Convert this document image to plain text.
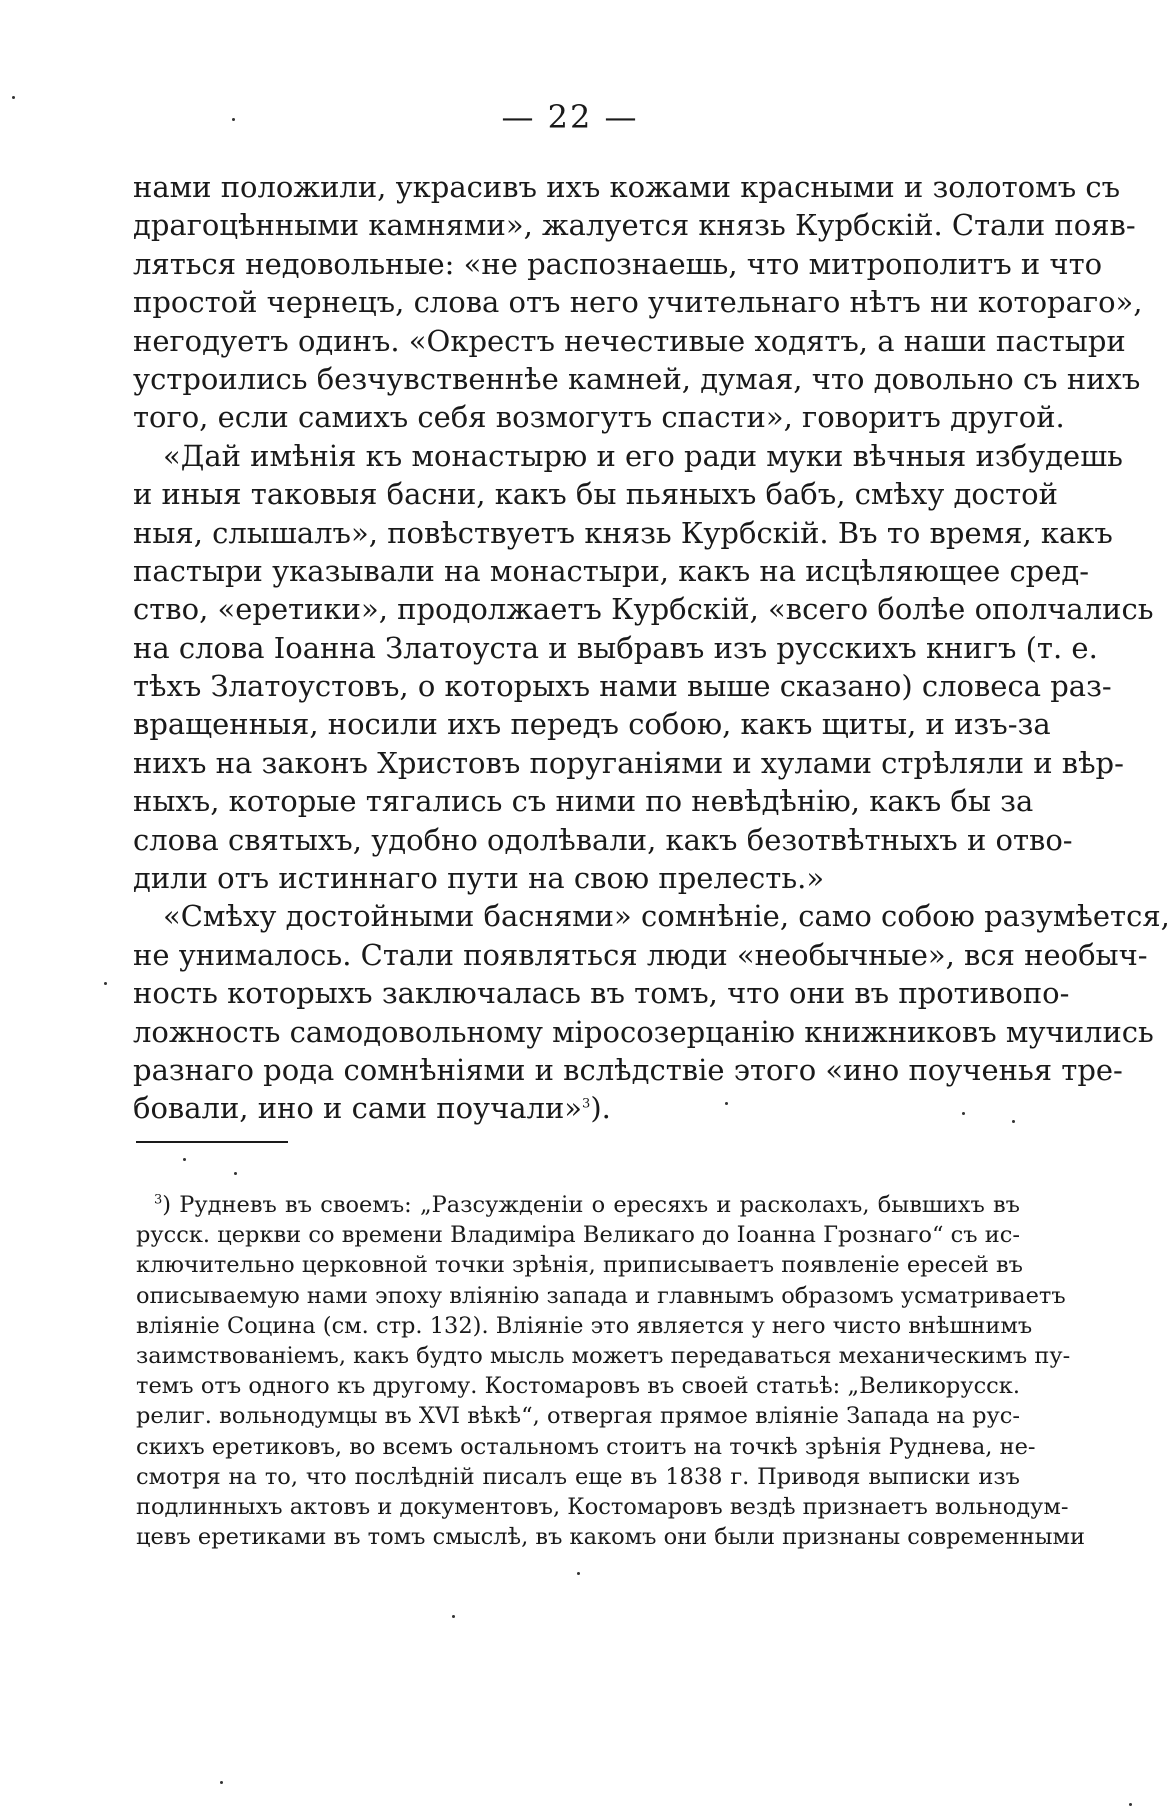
— 22 —
нами положили, украсивъ ихъ кожами красными и золотомъ съ
драгоцѣнными камнями», жалуется князь Курбскій. Стали появ-
ляться недовольные: «не распознаешь, что митрополитъ и что
простой чернецъ, слова отъ него учительнаго нѣтъ ни котораго»,
негодуетъ одинъ. «Окрестъ нечестивые ходятъ, а наши пастыри
устроились безчувственнѣе камней, думая, что довольно съ нихъ
того, если самихъ себя возмогутъ спасти», говоритъ другой.
«Дай имѣнія къ монастырю и его ради муки вѣчныя избудешь
и иныя таковыя басни, какъ бы пьяныхъ бабъ, смѣху достой
ныя, слышалъ», повѣствуетъ князь Курбскій. Въ то время, какъ
пастыри указывали на монастыри, какъ на исцѣляющее сред-
ство, «еретики», продолжаетъ Курбскій, «всего болѣе ополчались
на слова Іоанна Златоуста и выбравъ изъ русскихъ книгъ (т. е.
тѣхъ Златоустовъ, о которыхъ нами выше сказано) словеса раз-
вращенныя, носили ихъ передъ собою, какъ щиты, и изъ-за
нихъ на законъ Христовъ поруганіями и хулами стрѣляли и вѣр-
ныхъ, которые тягались съ ними по невѣдѣнію, какъ бы за
слова святыхъ, удобно одолѣвали, какъ безотвѣтныхъ и отво-
дили отъ истиннаго пути на свою прелесть.»
«Смѣху достойными баснями» сомнѣніе, само собою разумѣется,
не унималось. Стали появляться люди «необычные», вся необыч-
ность которыхъ заключалась въ томъ, что они въ противопо-
ложность самодовольному міросозерцанію книжниковъ мучились
разнаго рода сомнѣніями и вслѣдствіе этого «ино поученья тре-
бовали, ино и сами поучали»$^3$).
$^3$) Рудневъ въ своемъ: „Разсужденіи о ересяхъ и расколахъ, бывшихъ въ
русск. церкви со времени Владиміра Великаго до Іоанна Грознаго“ съ ис-
ключительно церковной точки зрѣнія, приписываетъ появленіе ересей въ
описываемую нами эпоху вліянію запада и главнымъ образомъ усматриваетъ
вліяніе Социна (см. стр. 132). Вліяніе это является у него чисто внѣшнимъ
заимствованіемъ, какъ будто мысль можетъ передаваться механическимъ пу-
темъ отъ одного къ другому. Костомаровъ въ своей статьѣ: „Великорусск.
религ. вольнодумцы въ XVI вѣкѣ“, отвергая прямое вліяніе Запада на рус-
скихъ еретиковъ, во всемъ остальномъ стоитъ на точкѣ зрѣнія Руднева, не-
смотря на то, что послѣдній писалъ еще въ 1838 г. Приводя выписки изъ
подлинныхъ актовъ и документовъ, Костомаровъ вездѣ признаетъ вольнодум-
цевъ еретиками въ томъ смыслѣ, въ какомъ они были признаны современными
